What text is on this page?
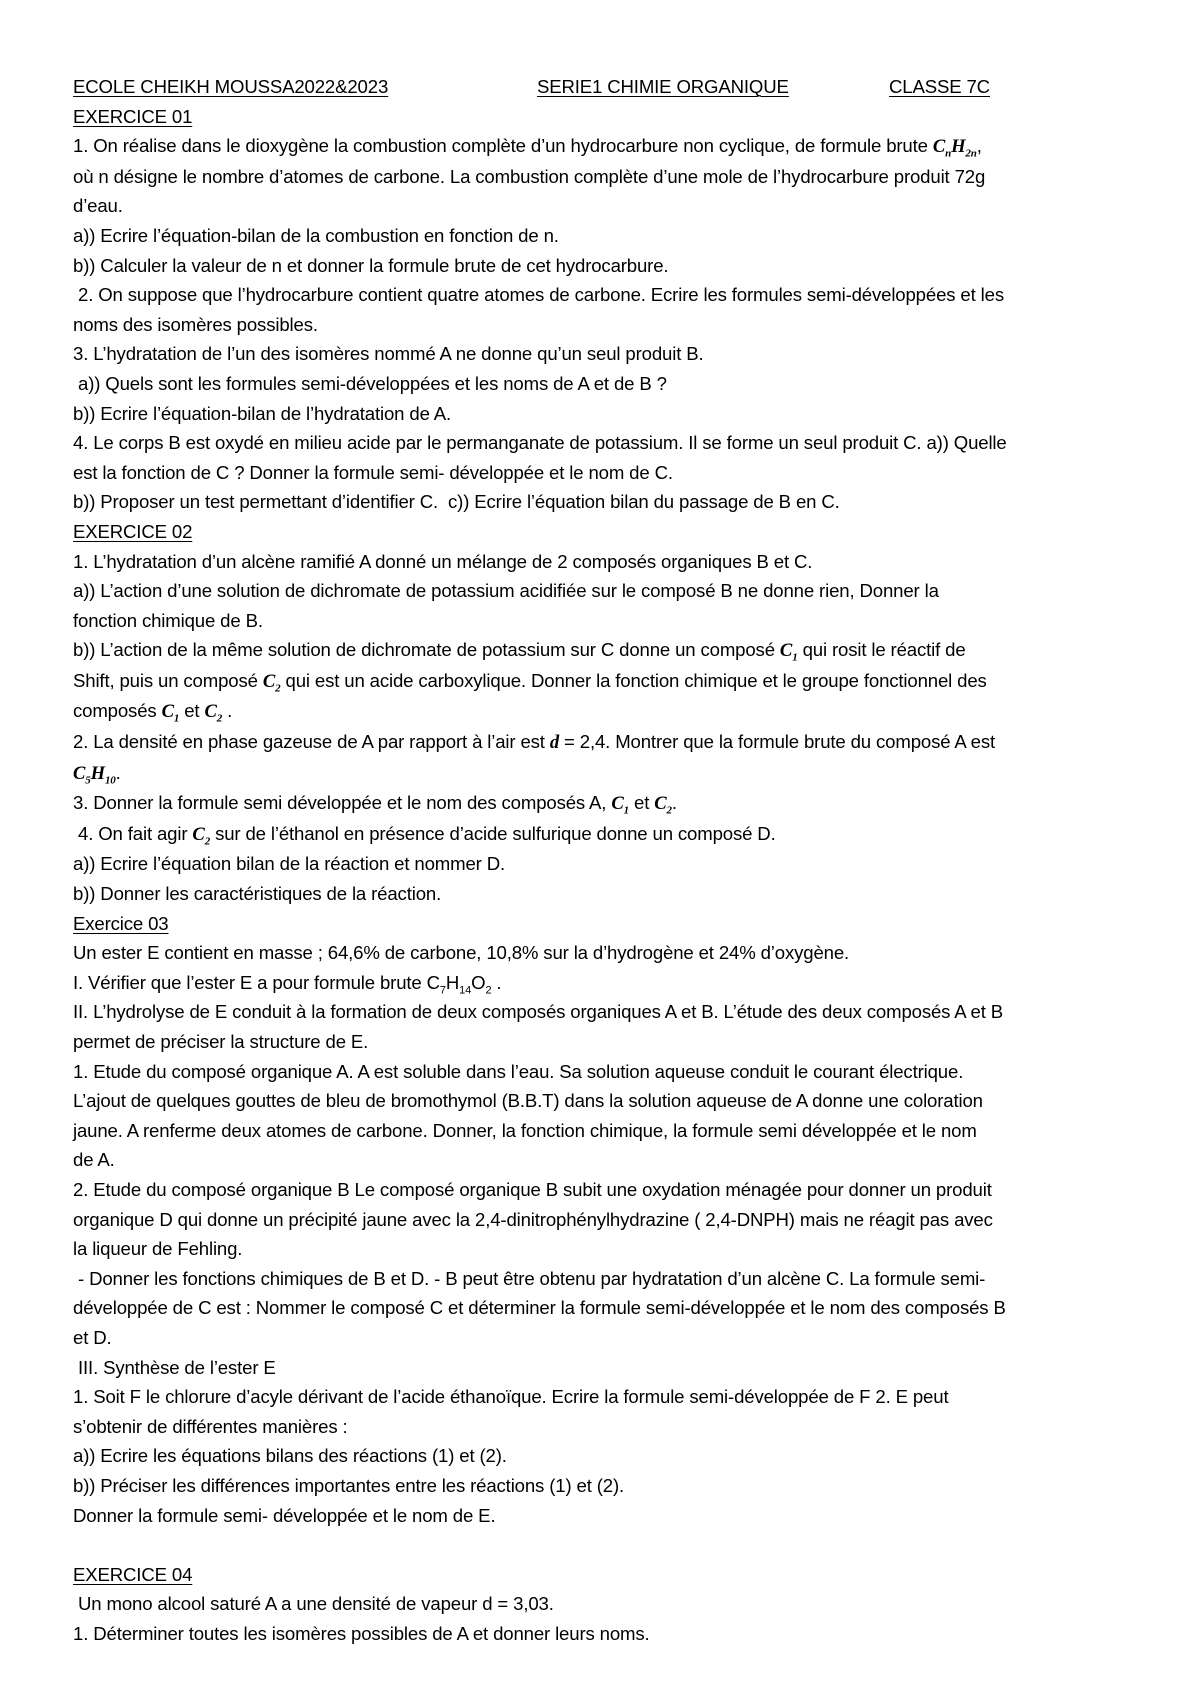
ECOLE CHEIKH MOUSSA2022&2023	SERIE1 CHIMIE ORGANIQUE	CLASSE 7C
EXERCICE 01
1. On réalise dans le dioxygène la combustion complète d’un hydrocarbure non cyclique, de formule brute $C_nH_{2n}$,
où n désigne le nombre d’atomes de carbone. La combustion complète d’une mole de l’hydrocarbure produit 72g
d’eau.
a)) Ecrire l’équation-bilan de la combustion en fonction de n.
b)) Calculer la valeur de n et donner la formule brute de cet hydrocarbure.
2. On suppose que l’hydrocarbure contient quatre atomes de carbone. Ecrire les formules semi-développées et les
noms des isomères possibles.
3. L’hydratation de l’un des isomères nommé A ne donne qu’un seul produit B.
a)) Quels sont les formules semi-développées et les noms de A et de B ?
b)) Ecrire l’équation-bilan de l’hydratation de A.
4. Le corps B est oxydé en milieu acide par le permanganate de potassium. Il se forme un seul produit C. a)) Quelle
est la fonction de C ? Donner la formule semi- développée et le nom de C.
b)) Proposer un test permettant d’identifier C.  c)) Ecrire l’équation bilan du passage de B en C.
EXERCICE 02
1. L’hydratation d’un alcène ramifié A donné un mélange de 2 composés organiques B et C.
a)) L’action d’une solution de dichromate de potassium acidifiée sur le composé B ne donne rien, Donner la
fonction chimique de B.
b)) L’action de la même solution de dichromate de potassium sur C donne un composé $C_1$ qui rosit le réactif de
Shift, puis un composé $C_2$ qui est un acide carboxylique. Donner la fonction chimique et le groupe fonctionnel des
composés $C_1$ et $C_2$ .
2. La densité en phase gazeuse de A par rapport à l’air est d = 2,4. Montrer que la formule brute du composé A est
$C_5H_{10}$.
3. Donner la formule semi développée et le nom des composés A, $C_1$ et $C_2$.
4. On fait agir $C_2$ sur de l’éthanol en présence d’acide sulfurique donne un composé D.
a)) Ecrire l’équation bilan de la réaction et nommer D.
b)) Donner les caractéristiques de la réaction.
Exercice 03
Un ester E contient en masse ; 64,6% de carbone, 10,8% sur la d’hydrogène et 24% d’oxygène.
I. Vérifier que l’ester E a pour formule brute $C_7H_{14}O_2$ .
II. L’hydrolyse de E conduit à la formation de deux composés organiques A et B. L’étude des deux composés A et B
permet de préciser la structure de E.
1. Etude du composé organique A. A est soluble dans l’eau. Sa solution aqueuse conduit le courant électrique.
L’ajout de quelques gouttes de bleu de bromothymol (B.B.T) dans la solution aqueuse de A donne une coloration
jaune. A renferme deux atomes de carbone. Donner, la fonction chimique, la formule semi développée et le nom
de A.
2. Etude du composé organique B Le composé organique B subit une oxydation ménagée pour donner un produit
organique D qui donne un précipité jaune avec la 2,4-dinitrophénylhydrazine ( 2,4-DNPH) mais ne réagit pas avec
la liqueur de Fehling.
- Donner les fonctions chimiques de B et D. - B peut être obtenu par hydratation d’un alcène C. La formule semi-
développée de C est : Nommer le composé C et déterminer la formule semi-développée et le nom des composés B
et D.
III. Synthèse de l’ester E
1. Soit F le chlorure d’acyle dérivant de l’acide éthanoïque. Ecrire la formule semi-développée de F 2. E peut
s’obtenir de différentes manières :
a)) Ecrire les équations bilans des réactions (1) et (2).
b)) Préciser les différences importantes entre les réactions (1) et (2).
Donner la formule semi- développée et le nom de E.
EXERCICE 04
Un mono alcool saturé A a une densité de vapeur d = 3,03.
1. Déterminer toutes les isomères possibles de A et donner leurs noms.
